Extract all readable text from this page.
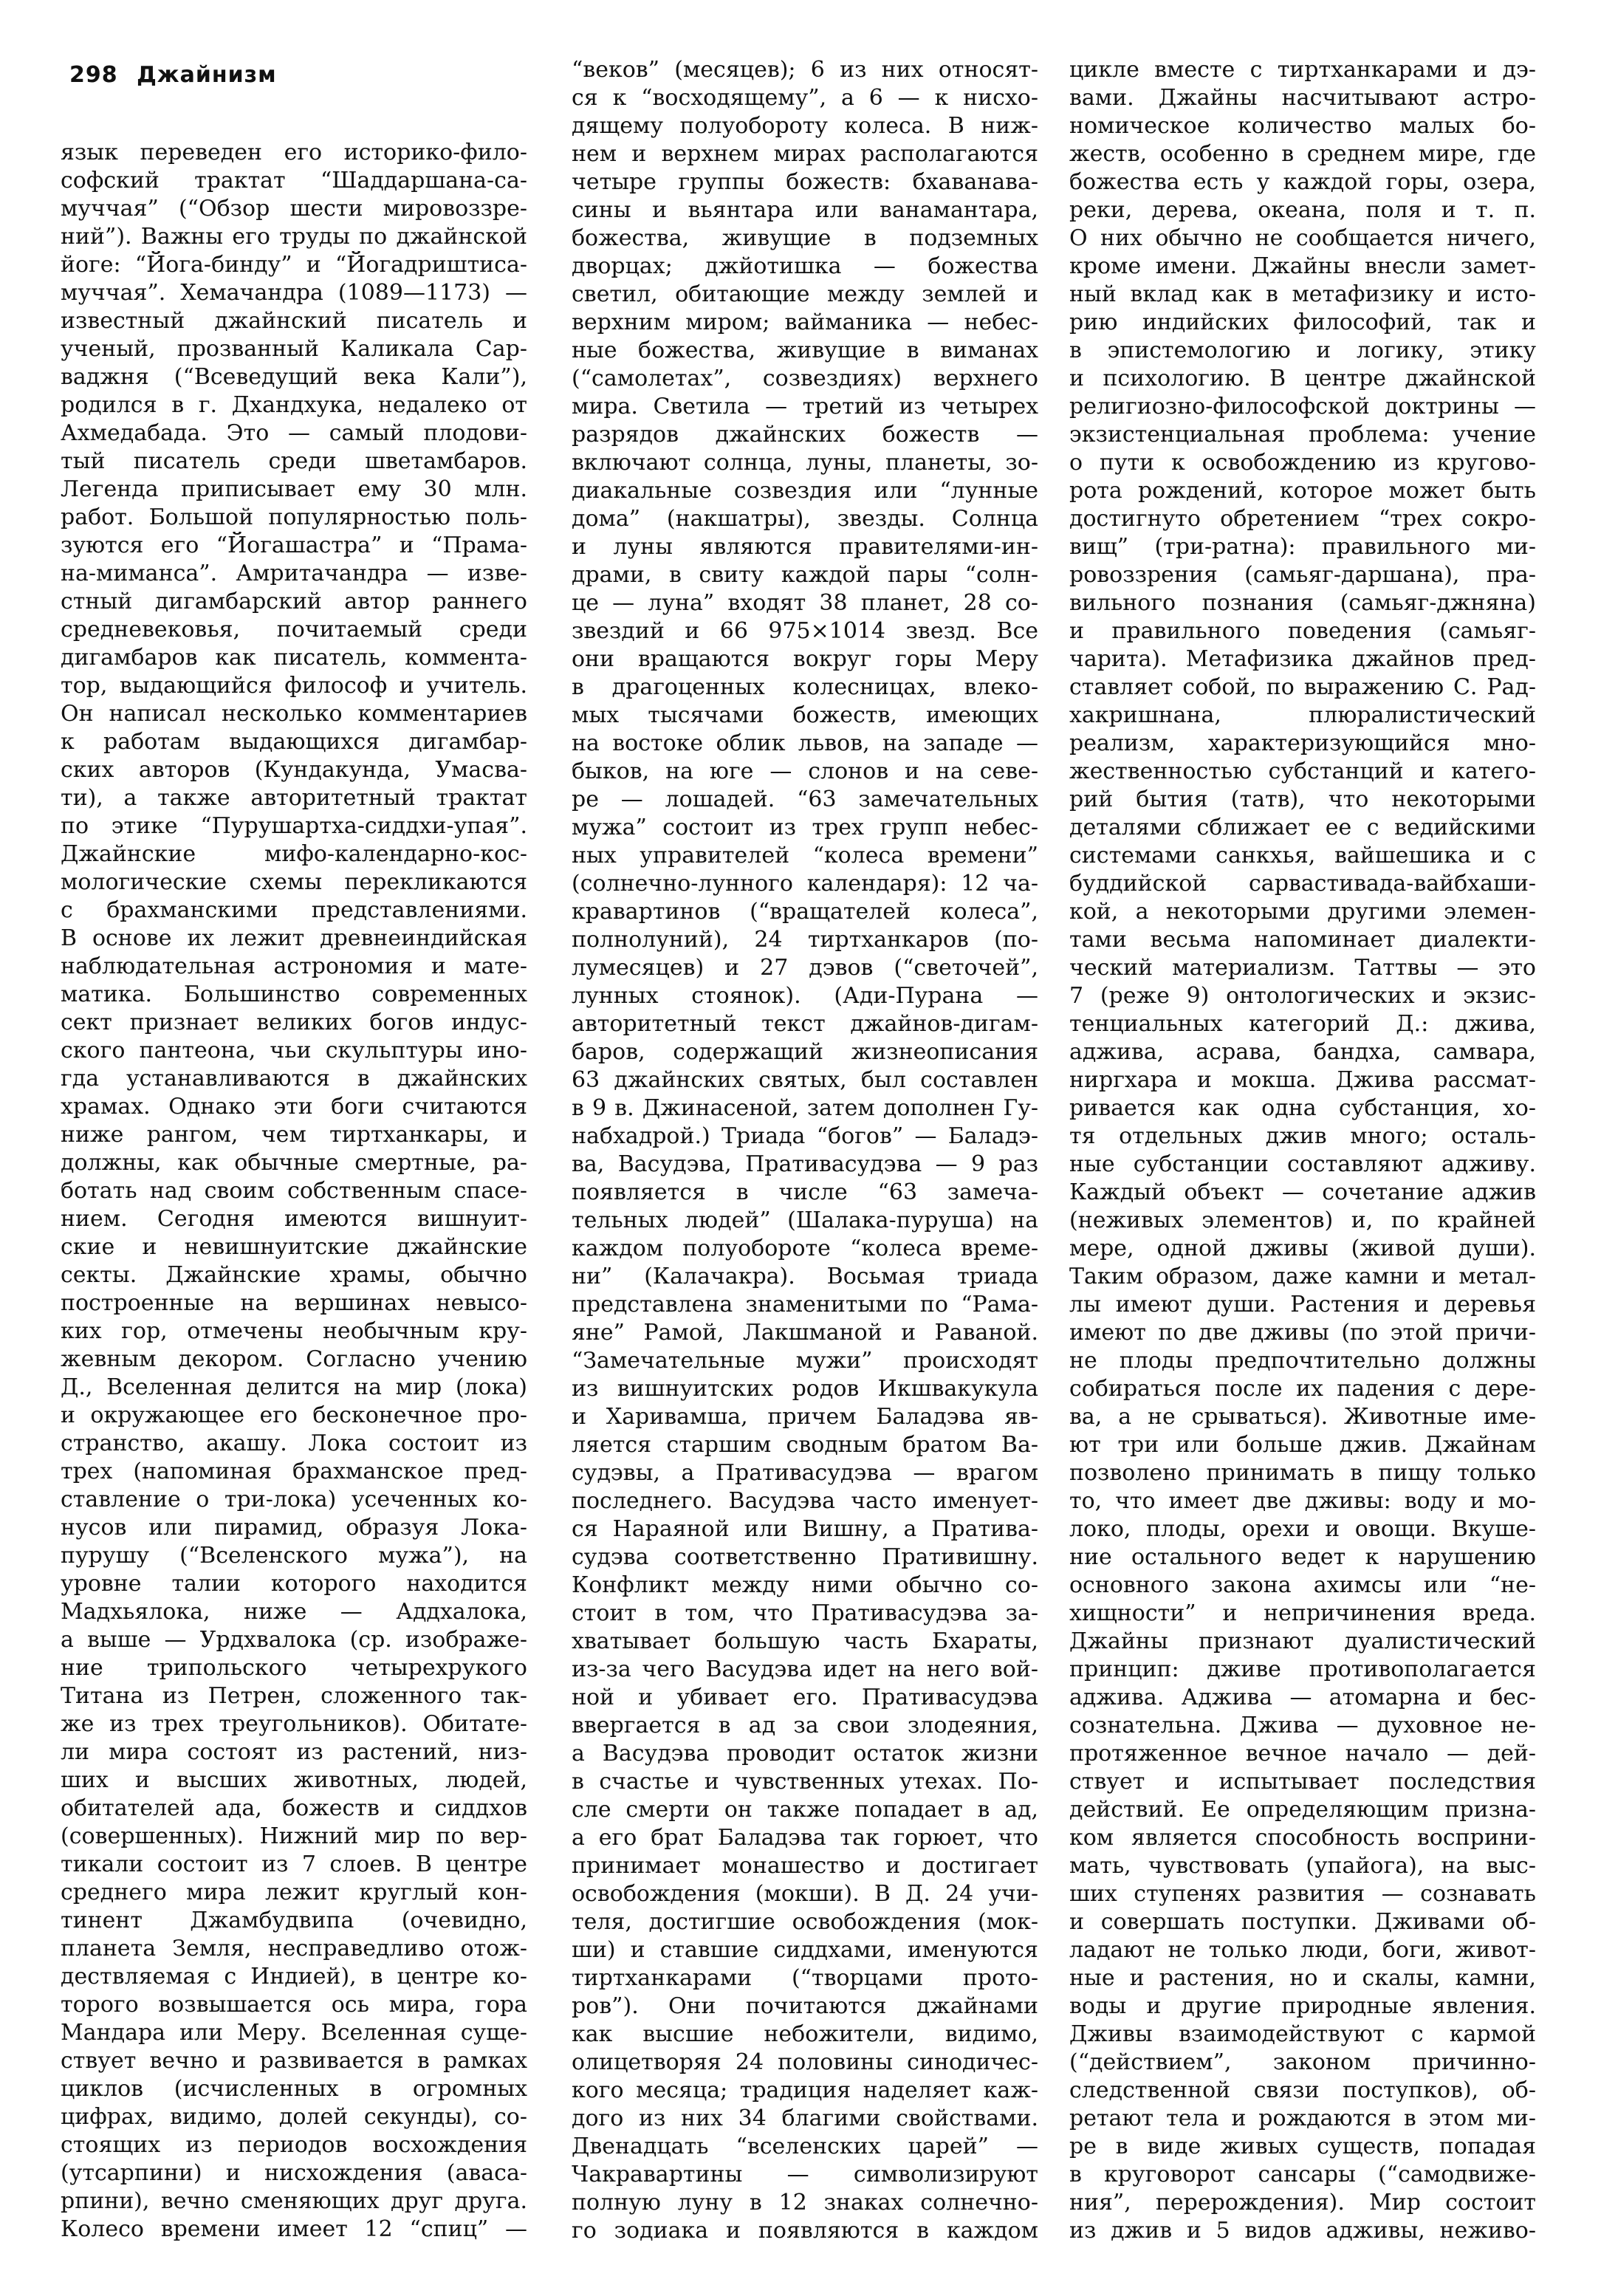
298 Джайнизм
язык переведен его историко-фило-
софский трактат “Шаддаршана-са-
муччая” (“Обзор шести мировоззре-
ний”). Важны его труды по джайнской
йоге: “Йога-бинду” и “Йогадриштиса-
муччая”. Хемачандра (1089—1173) —
известный джайнский писатель и
ученый, прозванный Каликала Сар-
ваджня (“Всеведущий века Кали”),
родился в г. Дхандхука, недалеко от
Ахмедабада. Это — самый плодови-
тый писатель среди шветамбаров.
Легенда приписывает ему 30 млн.
работ. Большой популярностью поль-
зуются его “Йогашастра” и “Прама-
на-миманса”. Амритачандра — изве-
стный дигамбарский автор раннего
средневековья, почитаемый среди
дигамбаров как писатель, коммента-
тор, выдающийся философ и учитель.
Он написал несколько комментариев
к работам выдающихся дигамбар-
ских авторов (Кундакунда, Умасва-
ти), а также авторитетный трактат
по этике “Пурушартха-сиддхи-упая”.
Джайнские мифо-календарно-кос-
мологические схемы перекликаются
с брахманскими представлениями.
В основе их лежит древнеиндийская
наблюдательная астрономия и мате-
матика. Большинство современных
сект признает великих богов индус-
ского пантеона, чьи скульптуры ино-
гда устанавливаются в джайнских
храмах. Однако эти боги считаются
ниже рангом, чем тиртханкары, и
должны, как обычные смертные, ра-
ботать над своим собственным спасе-
нием. Сегодня имеются вишнуит-
ские и невишнуитские джайнские
секты. Джайнские храмы, обычно
построенные на вершинах невысо-
ких гор, отмечены необычным кру-
жевным декором. Согласно учению
Д., Вселенная делится на мир (лока)
и окружающее его бесконечное про-
странство, акашу. Лока состоит из
трех (напоминая брахманское пред-
ставление о три-лока) усеченных ко-
нусов или пирамид, образуя Лока-
пурушу (“Вселенского мужа”), на
уровне талии которого находится
Мадхьялока, ниже — Аддхалока,
а выше — Урдхвалока (ср. изображе-
ние трипольского четырехрукого
Титана из Петрен, сложенного так-
же из трех треугольников). Обитате-
ли мира состоят из растений, низ-
ших и высших животных, людей,
обитателей ада, божеств и сиддхов
(совершенных). Нижний мир по вер-
тикали состоит из 7 слоев. В центре
среднего мира лежит круглый кон-
тинент Джамбудвипа (очевидно,
планета Земля, несправедливо отож-
дествляемая с Индией), в центре ко-
торого возвышается ось мира, гора
Мандара или Меру. Вселенная суще-
ствует вечно и развивается в рамках
циклов (исчисленных в огромных
цифрах, видимо, долей секунды), со-
стоящих из периодов восхождения
(утсарпини) и нисхождения (аваса-
рпини), вечно сменяющих друг друга.
Колесо времени имеет 12 “спиц” —
“веков” (месяцев); 6 из них относят-
ся к “восходящему”, а 6 — к нисхо-
дящему полуобороту колеса. В ниж-
нем и верхнем мирах располагаются
четыре группы божеств: бхаванава-
сины и вьянтара или ванамантара,
божества, живущие в подземных
дворцах; джйотишка — божества
светил, обитающие между землей и
верхним миром; вайманика — небес-
ные божества, живущие в виманах
(“самолетах”, созвездиях) верхнего
мира. Светила — третий из четырех
разрядов джайнских божеств —
включают солнца, луны, планеты, зо-
диакальные созвездия или “лунные
дома” (накшатры), звезды. Солнца
и луны являются правителями-ин-
драми, в свиту каждой пары “солн-
це — луна” входят 38 планет, 28 со-
звездий и 66 975×1014 звезд. Все
они вращаются вокруг горы Меру
в драгоценных колесницах, влеко-
мых тысячами божеств, имеющих
на востоке облик львов, на западе —
быков, на юге — слонов и на севе-
ре — лошадей. “63 замечательных
мужа” состоит из трех групп небес-
ных управителей “колеса времени”
(солнечно-лунного календаря): 12 ча-
кравартинов (“вращателей колеса”,
полнолуний), 24 тиртханкаров (по-
лумесяцев) и 27 дэвов (“светочей”,
лунных стоянок). (Ади-Пурана —
авторитетный текст джайнов-дигам-
баров, содержащий жизнеописания
63 джайнских святых, был составлен
в 9 в. Джинасеной, затем дополнен Гу-
набхадрой.) Триада “богов” — Баладэ-
ва, Васудэва, Пративасудэва — 9 раз
появляется в числе “63 замеча-
тельных людей” (Шалака-пуруша) на
каждом полуобороте “колеса време-
ни” (Калачакра). Восьмая триада
представлена знаменитыми по “Рама-
яне” Рамой, Лакшманой и Раваной.
“Замечательные мужи” происходят
из вишнуитских родов Икшвакукула
и Харивамша, причем Баладэва яв-
ляется старшим сводным братом Ва-
судэвы, а Пративасудэва — врагом
последнего. Васудэва часто именует-
ся Нараяной или Вишну, а Пратива-
судэва соответственно Пративишну.
Конфликт между ними обычно со-
стоит в том, что Пративасудэва за-
хватывает большую часть Бхараты,
из-за чего Васудэва идет на него вой-
ной и убивает его. Пративасудэва
ввергается в ад за свои злодеяния,
а Васудэва проводит остаток жизни
в счастье и чувственных утехах. По-
сле смерти он также попадает в ад,
а его брат Баладэва так горюет, что
принимает монашество и достигает
освобождения (мокши). В Д. 24 учи-
теля, достигшие освобождения (мок-
ши) и ставшие сиддхами, именуются
тиртханкарами (“творцами прото-
ров”). Они почитаются джайнами
как высшие небожители, видимо,
олицетворяя 24 половины синодичес-
кого месяца; традиция наделяет каж-
дого из них 34 благими свойствами.
Двенадцать “вселенских царей” —
Чакравартины — символизируют
полную луну в 12 знаках солнечно-
го зодиака и появляются в каждом
цикле вместе с тиртханкарами и дэ-
вами. Джайны насчитывают астро-
номическое количество малых бо-
жеств, особенно в среднем мире, где
божества есть у каждой горы, озера,
реки, дерева, океана, поля и т. п.
О них обычно не сообщается ничего,
кроме имени. Джайны внесли замет-
ный вклад как в метафизику и исто-
рию индийских философий, так и
в эпистемологию и логику, этику
и психологию. В центре джайнской
религиозно-философской доктрины —
экзистенциальная проблема: учение
о пути к освобождению из кругово-
рота рождений, которое может быть
достигнуто обретением “трех сокро-
вищ” (три-ратна): правильного ми-
ровоззрения (самьяг-даршана), пра-
вильного познания (самьяг-джняна)
и правильного поведения (самьяг-
чарита). Метафизика джайнов пред-
ставляет собой, по выражению С. Рад-
хакришнана, плюралистический
реализм, характеризующийся мно-
жественностью субстанций и катего-
рий бытия (татв), что некоторыми
деталями сближает ее с ведийскими
системами санкхья, вайшешика и с
буддийской сарвастивада-вайбхаши-
кой, а некоторыми другими элемен-
тами весьма напоминает диалекти-
ческий материализм. Таттвы — это
7 (реже 9) онтологических и экзис-
тенциальных категорий Д.: джива,
аджива, асрава, бандха, самвара,
ниргхара и мокша. Джива рассмат-
ривается как одна субстанция, хо-
тя отдельных джив много; осталь-
ные субстанции составляют адживу.
Каждый объект — сочетание аджив
(неживых элементов) и, по крайней
мере, одной дживы (живой души).
Таким образом, даже камни и метал-
лы имеют души. Растения и деревья
имеют по две дживы (по этой причи-
не плоды предпочтительно должны
собираться после их падения с дере-
ва, а не срываться). Животные име-
ют три или больше джив. Джайнам
позволено принимать в пищу только
то, что имеет две дживы: воду и мо-
локо, плоды, орехи и овощи. Вкуше-
ние остального ведет к нарушению
основного закона ахимсы или “не-
хищности” и непричинения вреда.
Джайны признают дуалистический
принцип: дживе противополагается
аджива. Аджива — атомарна и бес-
сознательна. Джива — духовное не-
протяженное вечное начало — дей-
ствует и испытывает последствия
действий. Ее определяющим призна-
ком является способность восприни-
мать, чувствовать (упайога), на выс-
ших ступенях развития — сознавать
и совершать поступки. Дживами об-
ладают не только люди, боги, живот-
ные и растения, но и скалы, камни,
воды и другие природные явления.
Дживы взаимодействуют с кармой
(“действием”, законом причинно-
следственной связи поступков), об-
ретают тела и рождаются в этом ми-
ре в виде живых существ, попадая
в круговорот сансары (“самодвиже-
ния”, перерождения). Мир состоит
из джив и 5 видов адживы, неживо-
